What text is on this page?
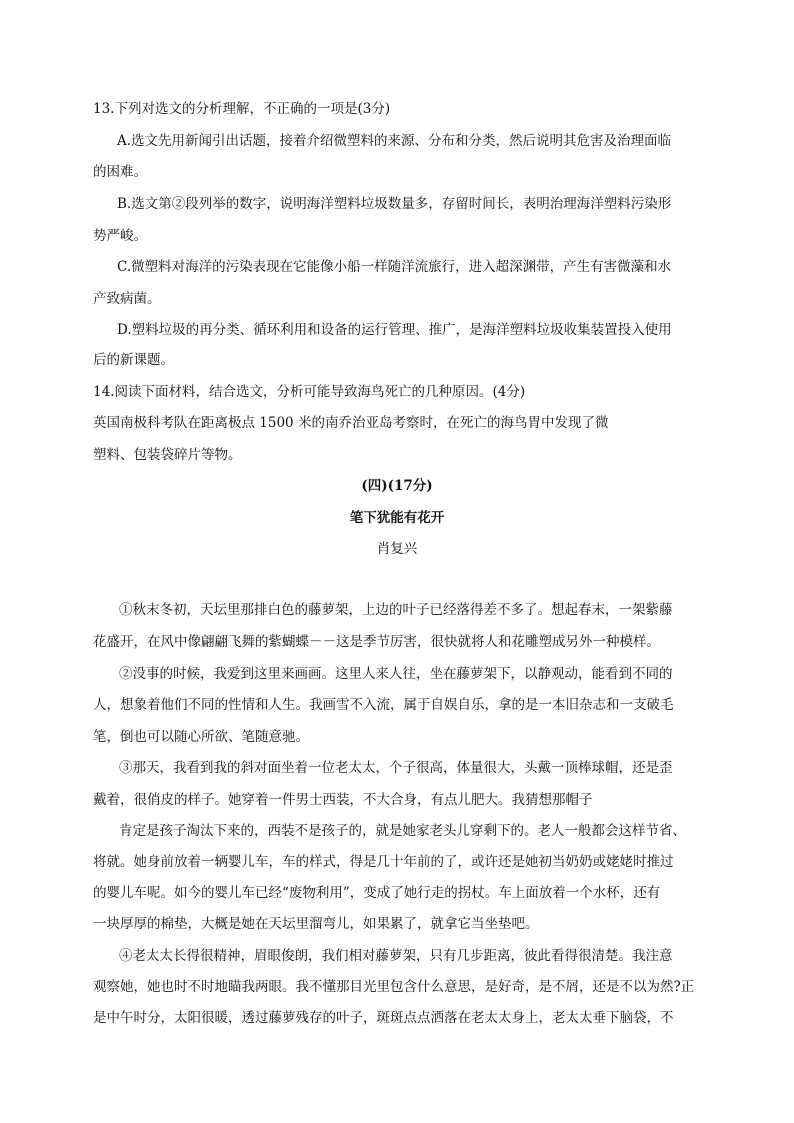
13.下列对选文的分析理解，不正确的一项是(3分)
A.选文先用新闻引出话题，接着介绍微塑料的来源、分布和分类，然后说明其危害及治理面临
的困难。
B.选文第②段列举的数字，说明海洋塑料垃圾数量多，存留时间长，表明治理海洋塑料污染形
势严峻。
C.微塑料对海洋的污染表现在它能像小船一样随洋流旅行，进入超深渊带，产生有害微藻和水
产致病菌。
D.塑料垃圾的再分类、循环利用和设备的运行管理、推广，是海洋塑料垃圾收集装置投入使用
后的新课题。
14.阅读下面材料，结合选文，分析可能导致海鸟死亡的几种原因。(4分)
英国南极科考队在距离极点 1500 米的南乔治亚岛考察时，在死亡的海鸟胃中发现了微
塑料、包装袋碎片等物。
(四)(17分)
笔下犹能有花开
肖复兴
①秋末冬初，天坛里那排白色的藤萝架，上边的叶子已经落得差不多了。想起春末，一架紫藤
花盛开，在风中像翩翩飞舞的紫蝴蝶－－这是季节厉害，很快就将人和花雕塑成另外一种模样。
②没事的时候，我爱到这里来画画。这里人来人往，坐在藤萝架下，以静观动，能看到不同的
人，想象着他们不同的性情和人生。我画雪不入流，属于自娱自乐，拿的是一本旧杂志和一支破毛
笔，倒也可以随心所欲、笔随意驰。
③那天，我看到我的斜对面坐着一位老太太，个子很高，体量很大，头戴一顶棒球帽，还是歪
戴着，很俏皮的样子。她穿着一件男士西装，不大合身，有点儿肥大。我猜想那帽子
肯定是孩子淘汰下来的，西装不是孩子的，就是她家老头儿穿剩下的。老人一般都会这样节省、
将就。她身前放着一辆婴儿车，车的样式，得是几十年前的了，或许还是她初当奶奶或姥姥时推过
的婴儿车呢。如今的婴儿车已经“废物利用”，变成了她行走的拐杖。车上面放着一个水杯，还有
一块厚厚的棉垫，大概是她在天坛里溜弯儿，如果累了，就拿它当坐垫吧。
④老太太长得很精神，眉眼俊朗，我们相对藤萝架，只有几步距离，彼此看得很清楚。我注意
观察她，她也时不时地瞄我两眼。我不懂那目光里包含什么意思，是好奇，是不屑，还是不以为然?正
是中午时分，太阳很暖，透过藤萝残存的叶子，斑斑点点洒落在老太太身上，老太太垂下脑袋，不
